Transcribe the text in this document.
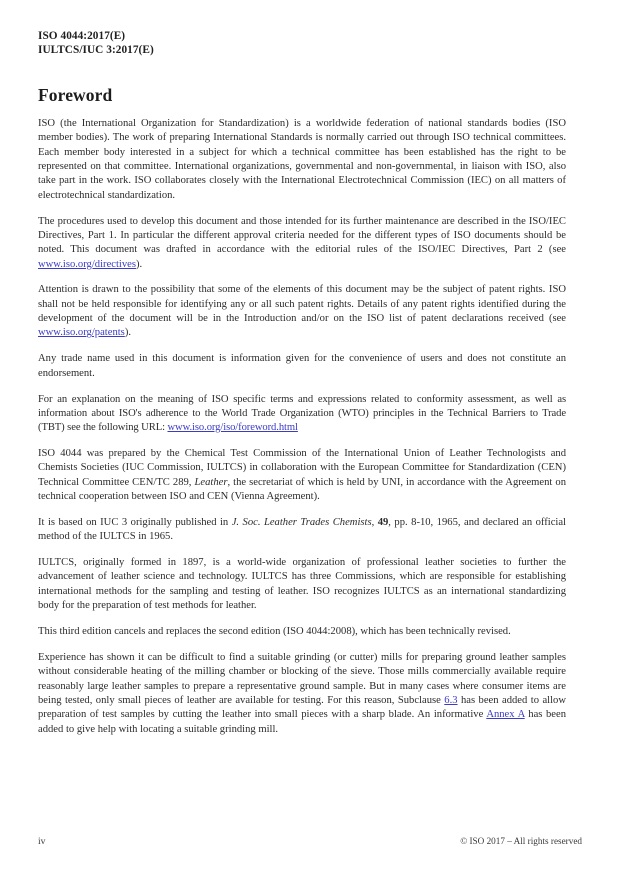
ISO 4044:2017(E)
IULTCS/IUC 3:2017(E)
Foreword

ISO (the International Organization for Standardization) is a worldwide federation of national standards bodies (ISO member bodies). The work of preparing International Standards is normally carried out through ISO technical committees. Each member body interested in a subject for which a technical committee has been established has the right to be represented on that committee. International organizations, governmental and non-governmental, in liaison with ISO, also take part in the work. ISO collaborates closely with the International Electrotechnical Commission (IEC) on all matters of electrotechnical standardization.

The procedures used to develop this document and those intended for its further maintenance are described in the ISO/IEC Directives, Part 1. In particular the different approval criteria needed for the different types of ISO documents should be noted. This document was drafted in accordance with the editorial rules of the ISO/IEC Directives, Part 2 (see www.iso.org/directives).

Attention is drawn to the possibility that some of the elements of this document may be the subject of patent rights. ISO shall not be held responsible for identifying any or all such patent rights. Details of any patent rights identified during the development of the document will be in the Introduction and/or on the ISO list of patent declarations received (see www.iso.org/patents).

Any trade name used in this document is information given for the convenience of users and does not constitute an endorsement.

For an explanation on the meaning of ISO specific terms and expressions related to conformity assessment, as well as information about ISO's adherence to the World Trade Organization (WTO) principles in the Technical Barriers to Trade (TBT) see the following URL: www.iso.org/iso/foreword.html

ISO 4044 was prepared by the Chemical Test Commission of the International Union of Leather Technologists and Chemists Societies (IUC Commission, IULTCS) in collaboration with the European Committee for Standardization (CEN) Technical Committee CEN/TC 289, Leather, the secretariat of which is held by UNI, in accordance with the Agreement on technical cooperation between ISO and CEN (Vienna Agreement).

It is based on IUC 3 originally published in J. Soc. Leather Trades Chemists, 49, pp. 8-10, 1965, and declared an official method of the IULTCS in 1965.

IULTCS, originally formed in 1897, is a world-wide organization of professional leather societies to further the advancement of leather science and technology. IULTCS has three Commissions, which are responsible for establishing international methods for the sampling and testing of leather. ISO recognizes IULTCS as an international standardizing body for the preparation of test methods for leather.

This third edition cancels and replaces the second edition (ISO 4044:2008), which has been technically revised.

Experience has shown it can be difficult to find a suitable grinding (or cutter) mills for preparing ground leather samples without considerable heating of the milling chamber or blocking of the sieve. Those mills commercially available require reasonably large leather samples to prepare a representative ground sample. But in many cases where consumer items are being tested, only small pieces of leather are available for testing. For this reason, Subclause 6.3 has been added to allow preparation of test samples by cutting the leather into small pieces with a sharp blade. An informative Annex A has been added to give help with locating a suitable grinding mill.

iv	© ISO 2017 – All rights reserved
